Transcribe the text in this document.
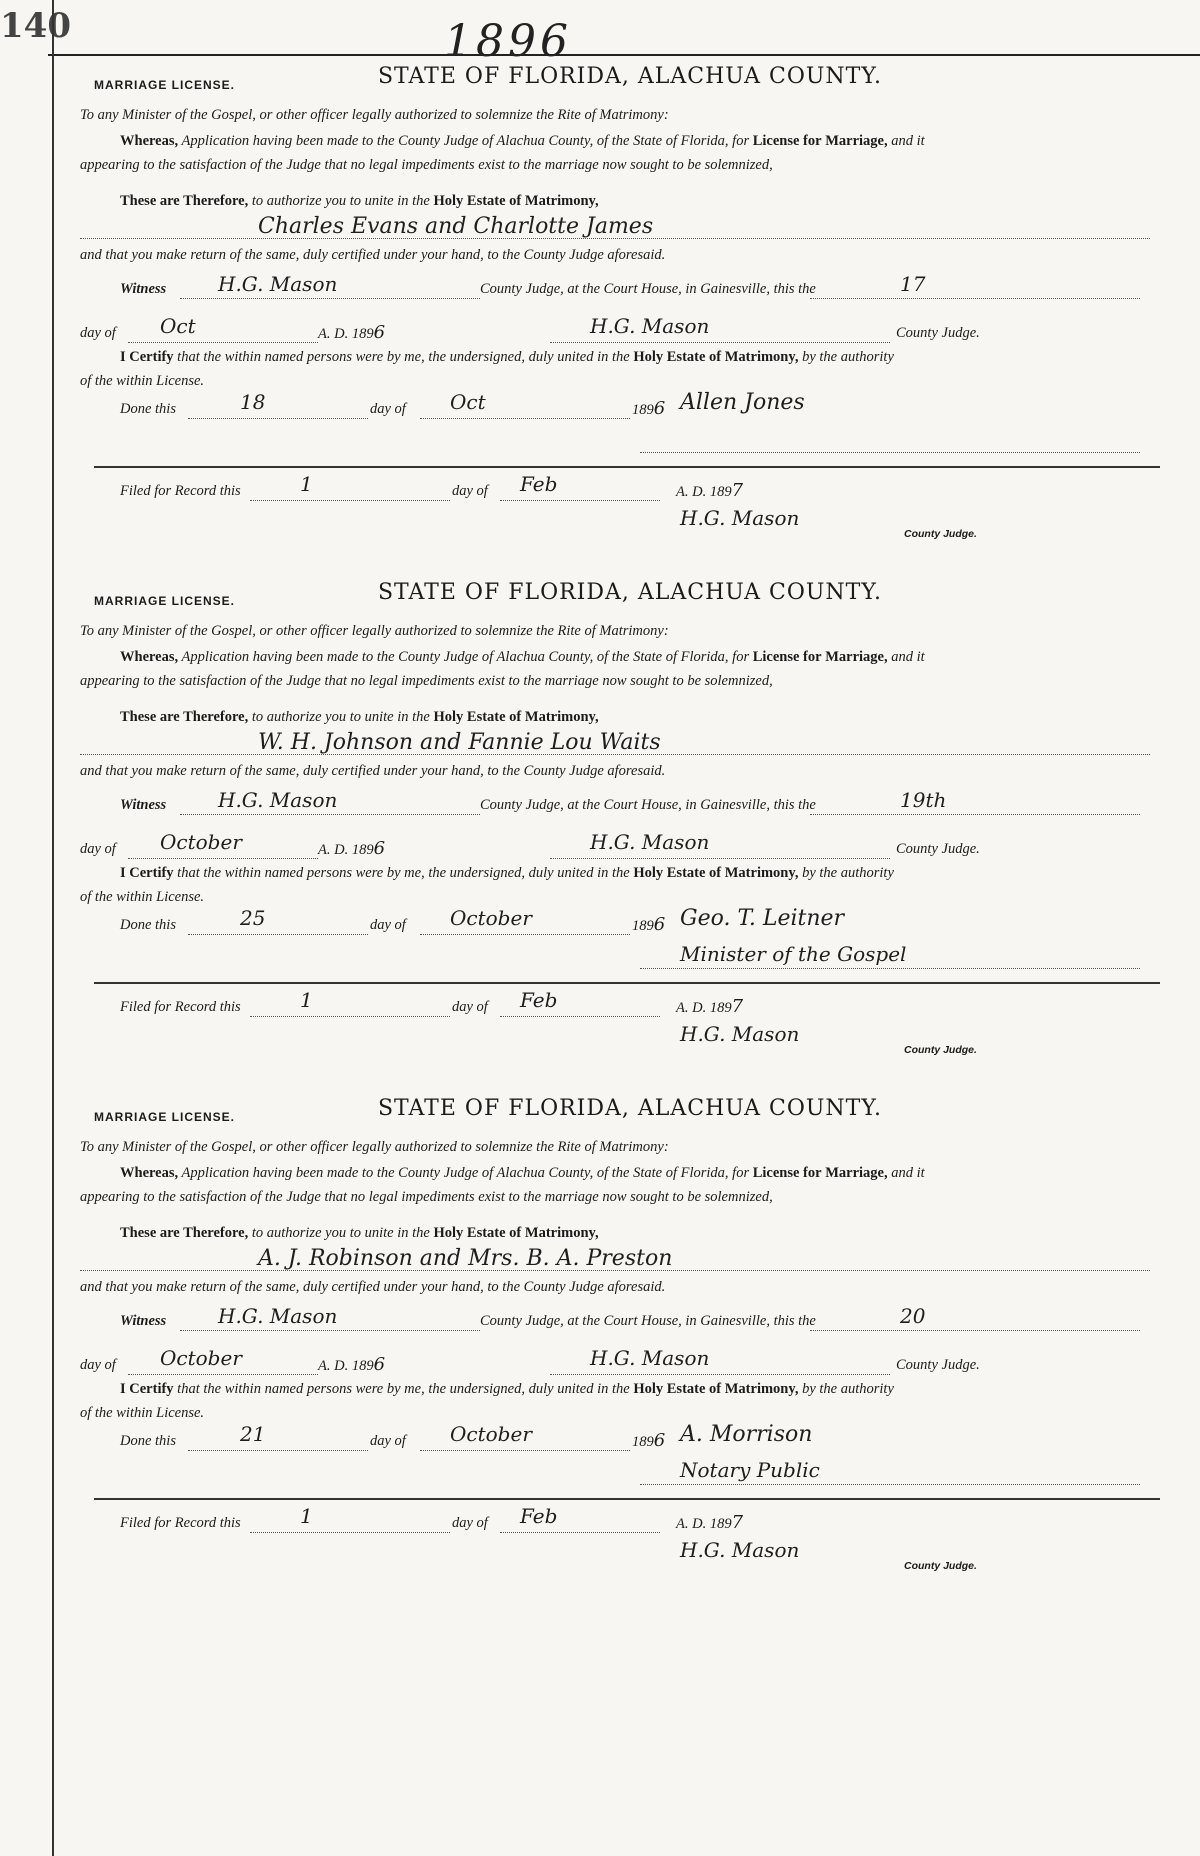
140	1896
MARRIAGE LICENSE.	STATE OF FLORIDA, ALACHUA COUNTY.
To any Minister of the Gospel, or other officer legally authorized to solemnize the Rite of Matrimony:
Whereas, Application having been made to the County Judge of Alachua County, of the State of Florida, for License for Marriage, and it
appearing to the satisfaction of the Judge that no legal impediments exist to the marriage now sought to be solemnized,
These are Therefore, to authorize you to unite in the Holy Estate of Matrimony,
Charles Evans and Charlotte James
and that you make return of the same, duly certified under your hand, to the County Judge aforesaid.
Witness	H.G. Mason	County Judge, at the Court House, in Gainesville, this the	17
day of Oct	A. D. 1896	H.G. Mason	County Judge.
I Certify that the within named persons were by me, the undersigned, duly united in the Holy Estate of Matrimony, by the authority
of the within License.
Done this	18	day of Oct	1896 Allen Jones
Filed for Record this	1	day of Feb	A. D. 1897
H.G. Mason
County Judge.
MARRIAGE LICENSE.	STATE OF FLORIDA, ALACHUA COUNTY.
To any Minister of the Gospel, or other officer legally authorized to solemnize the Rite of Matrimony:
Whereas, Application having been made to the County Judge of Alachua County, of the State of Florida, for License for Marriage, and it
appearing to the satisfaction of the Judge that no legal impediments exist to the marriage now sought to be solemnized,
These are Therefore, to authorize you to unite in the Holy Estate of Matrimony,
W. H. Johnson and Fannie Lou Waits
and that you make return of the same, duly certified under your hand, to the County Judge aforesaid.
Witness	H.G. Mason	County Judge, at the Court House, in Gainesville, this the	19th
day of October	A. D. 1896	H.G. Mason	County Judge.
I Certify that the within named persons were by me, the undersigned, duly united in the Holy Estate of Matrimony, by the authority
of the within License.
Done this	25	day of October	1896 Geo. T. Leitner
Minister of the Gospel
Filed for Record this	1	day of Feb	A. D. 1897
H.G. Mason
County Judge.
MARRIAGE LICENSE.	STATE OF FLORIDA, ALACHUA COUNTY.
To any Minister of the Gospel, or other officer legally authorized to solemnize the Rite of Matrimony:
Whereas, Application having been made to the County Judge of Alachua County, of the State of Florida, for License for Marriage, and it
appearing to the satisfaction of the Judge that no legal impediments exist to the marriage now sought to be solemnized,
These are Therefore, to authorize you to unite in the Holy Estate of Matrimony,
A. J. Robinson and Mrs. B. A. Preston
and that you make return of the same, duly certified under your hand, to the County Judge aforesaid.
Witness	H.G. Mason	County Judge, at the Court House, in Gainesville, this the	20
day of October	A. D. 1896	H.G. Mason	County Judge.
I Certify that the within named persons were by me, the undersigned, duly united in the Holy Estate of Matrimony, by the authority
of the within License.
Done this	21	day of October	1896 A. Morrison
Notary Public
Filed for Record this	1	day of Feb	A. D. 1897
H.G. Mason
County Judge.
